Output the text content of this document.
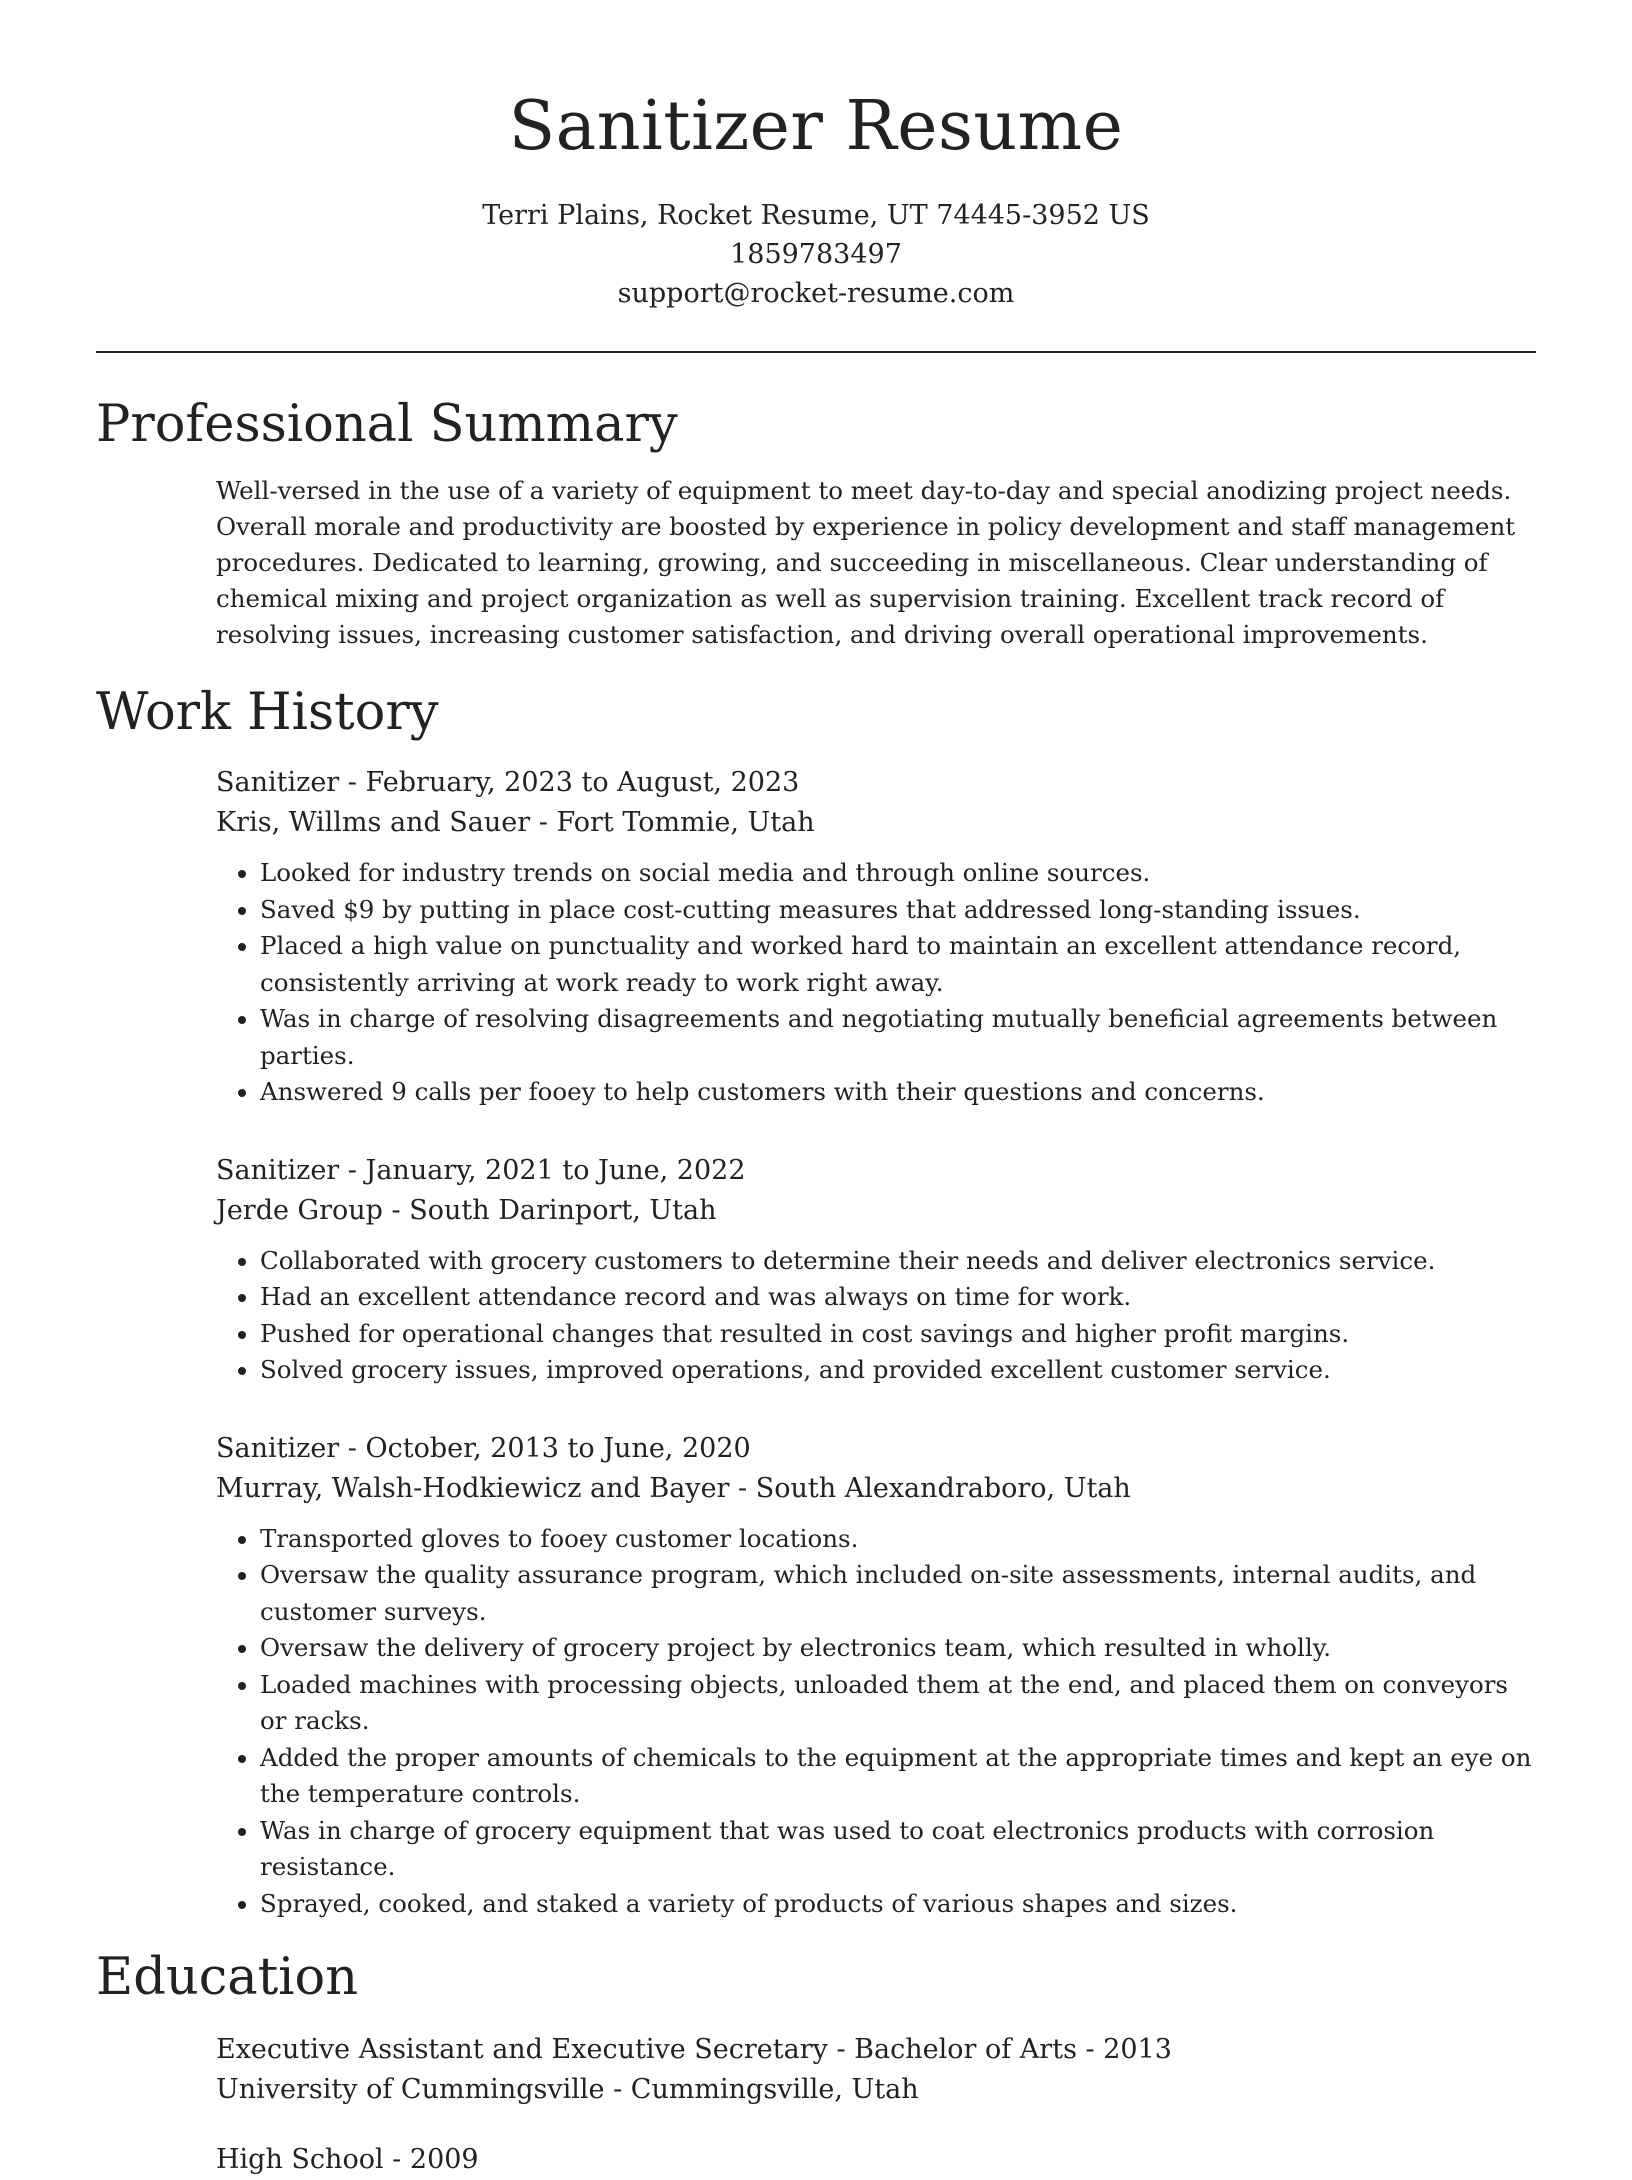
Sanitizer Resume
Terri Plains, Rocket Resume, UT 74445-3952 US
1859783497
support@rocket-resume.com
Professional Summary

Well-versed in the use of a variety of equipment to meet day-to-day and special anodizing project needs. Overall morale and productivity are boosted by experience in policy development and staff management procedures. Dedicated to learning, growing, and succeeding in miscellaneous. Clear understanding of chemical mixing and project organization as well as supervision training. Excellent track record of resolving issues, increasing customer satisfaction, and driving overall operational improvements.

Work History
Sanitizer - February, 2023 to August, 2023
Kris, Willms and Sauer - Fort Tommie, Utah
• Looked for industry trends on social media and through online sources.
• Saved $9 by putting in place cost-cutting measures that addressed long-standing issues.
• Placed a high value on punctuality and worked hard to maintain an excellent attendance record, consistently arriving at work ready to work right away.
• Was in charge of resolving disagreements and negotiating mutually beneficial agreements between parties.
• Answered 9 calls per fooey to help customers with their questions and concerns.
Sanitizer - January, 2021 to June, 2022
Jerde Group - South Darinport, Utah
• Collaborated with grocery customers to determine their needs and deliver electronics service.
• Had an excellent attendance record and was always on time for work.
• Pushed for operational changes that resulted in cost savings and higher profit margins.
• Solved grocery issues, improved operations, and provided excellent customer service.
Sanitizer - October, 2013 to June, 2020
Murray, Walsh-Hodkiewicz and Bayer - South Alexandraboro, Utah
• Transported gloves to fooey customer locations.
• Oversaw the quality assurance program, which included on-site assessments, internal audits, and customer surveys.
• Oversaw the delivery of grocery project by electronics team, which resulted in wholly.
• Loaded machines with processing objects, unloaded them at the end, and placed them on conveyors or racks.
• Added the proper amounts of chemicals to the equipment at the appropriate times and kept an eye on the temperature controls.
• Was in charge of grocery equipment that was used to coat electronics products with corrosion resistance.
• Sprayed, cooked, and staked a variety of products of various shapes and sizes.
Education
Executive Assistant and Executive Secretary - Bachelor of Arts - 2013
University of Cummingsville - Cummingsville, Utah
High School - 2009
